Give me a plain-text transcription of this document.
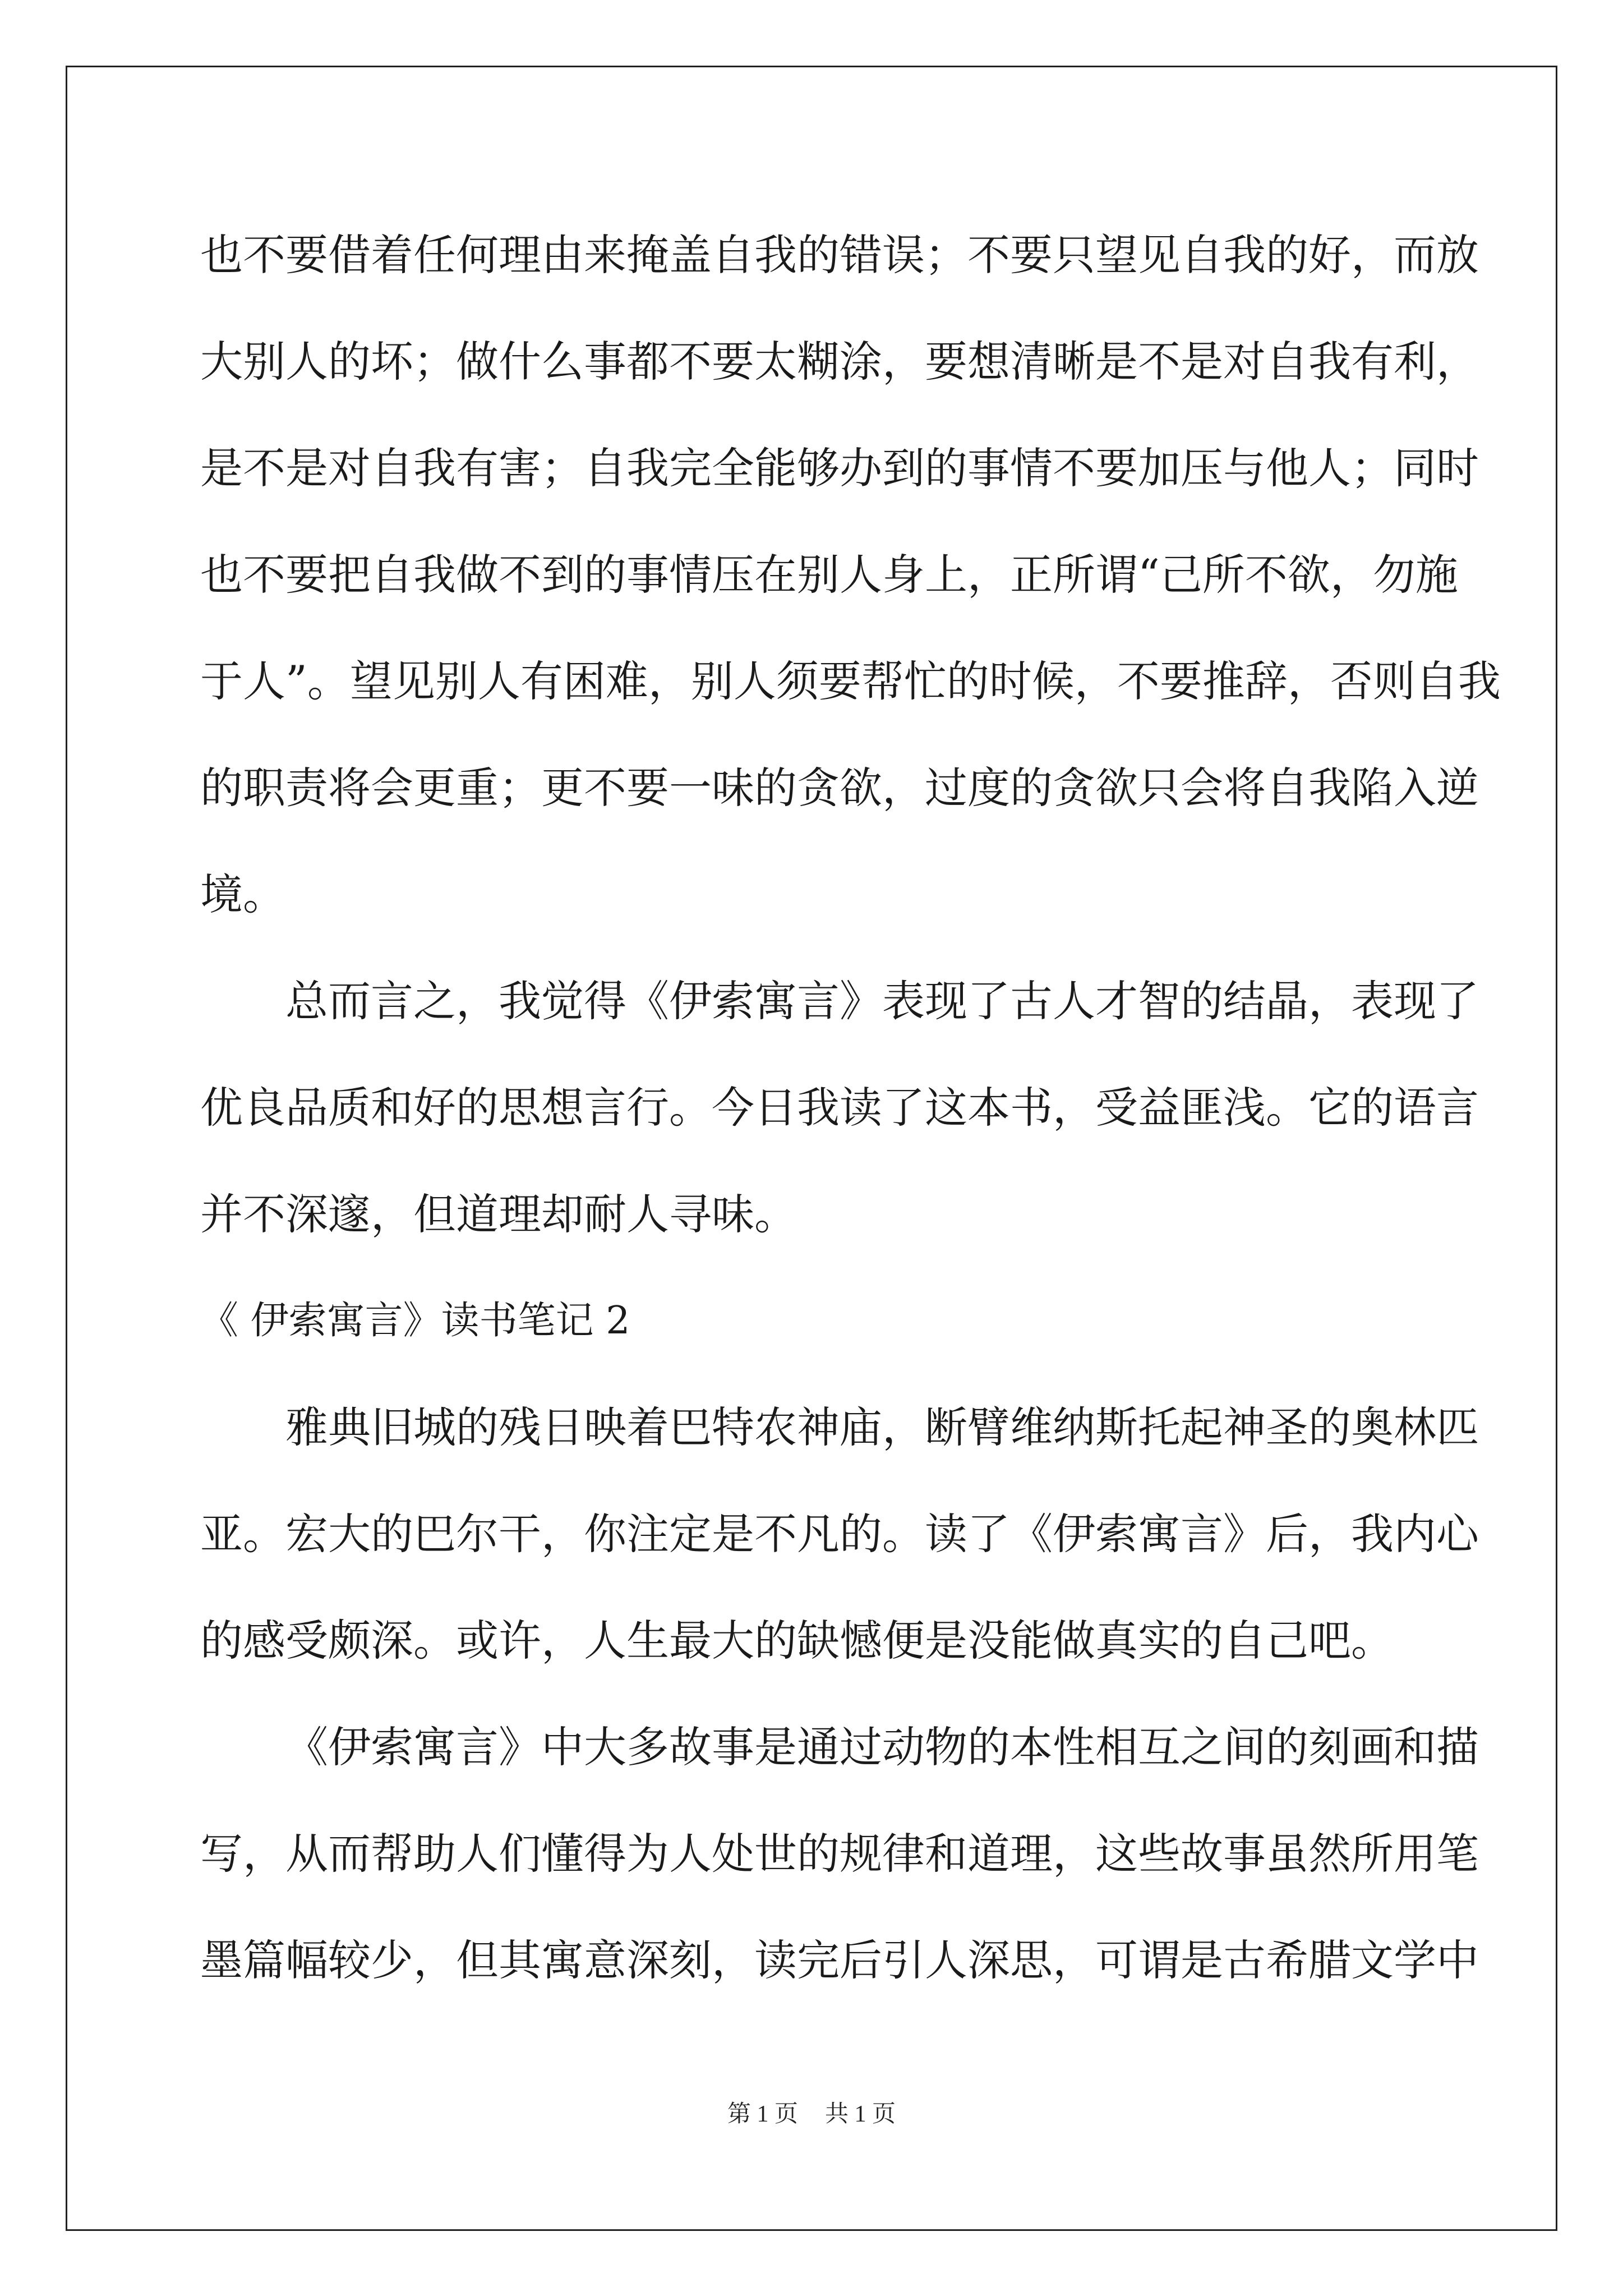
也不要借着任何理由来掩盖自我的错误；不要只望见自我的好，而放
大别人的坏；做什么事都不要太糊涂，要想清晰是不是对自我有利，
是不是对自我有害；自我完全能够办到的事情不要加压与他人；同时
也不要把自我做不到的事情压在别人身上，正所谓“己所不欲，勿施
于人”。望见别人有困难，别人须要帮忙的时候，不要推辞，否则自我
的职责将会更重；更不要一味的贪欲，过度的贪欲只会将自我陷入逆
境。
总而言之，我觉得《伊索寓言》表现了古人才智的结晶，表现了
优良品质和好的思想言行。今日我读了这本书，受益匪浅。它的语言
并不深邃，但道理却耐人寻味。
《 伊索寓言》读书笔记 2
雅典旧城的残日映着巴特农神庙，断臂维纳斯托起神圣的奥林匹
亚。宏大的巴尔干，你注定是不凡的。读了《伊索寓言》后，我内心
的感受颇深。或许，人生最大的缺憾便是没能做真实的自己吧。
《伊索寓言》中大多故事是通过动物的本性相互之间的刻画和描
写，从而帮助人们懂得为人处世的规律和道理，这些故事虽然所用笔
墨篇幅较少，但其寓意深刻，读完后引人深思，可谓是古希腊文学中
第 1 页 共 1 页
